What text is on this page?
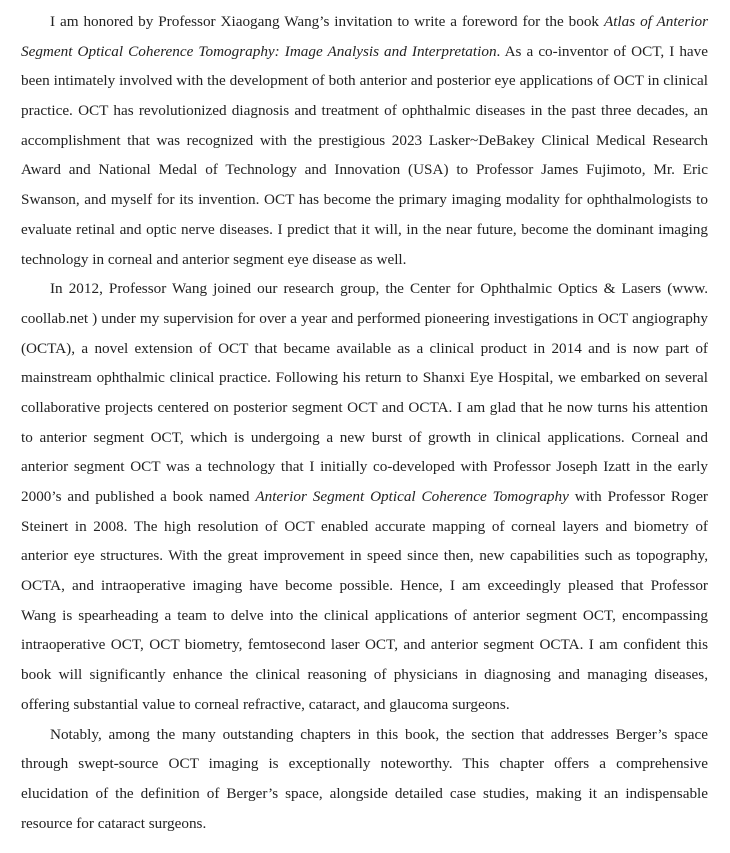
I am honored by Professor Xiaogang Wang’s invitation to write a foreword for the book Atlas of Anterior
Segment Optical Coherence Tomography: Image Analysis and Interpretation. As a co-inventor of OCT, I have
been intimately involved with the development of both anterior and posterior eye applications of OCT in clinical
practice. OCT has revolutionized diagnosis and treatment of ophthalmic diseases in the past three decades, an
accomplishment that was recognized with the prestigious 2023 Lasker~DeBakey Clinical Medical Research
Award and National Medal of Technology and Innovation (USA) to Professor James Fujimoto, Mr. Eric
Swanson, and myself for its invention. OCT has become the primary imaging modality for ophthalmologists to
evaluate retinal and optic nerve diseases. I predict that it will, in the near future, become the dominant imaging
technology in corneal and anterior segment eye disease as well.
In 2012, Professor Wang joined our research group, the Center for Ophthalmic Optics & Lasers (www.
coollab.net ) under my supervision for over a year and performed pioneering investigations in OCT angiography
(OCTA), a novel extension of OCT that became available as a clinical product in 2014 and is now part of
mainstream ophthalmic clinical practice. Following his return to Shanxi Eye Hospital, we embarked on several
collaborative projects centered on posterior segment OCT and OCTA. I am glad that he now turns his attention
to anterior segment OCT, which is undergoing a new burst of growth in clinical applications. Corneal and
anterior segment OCT was a technology that I initially co-developed with Professor Joseph Izatt in the early
2000’s and published a book named Anterior Segment Optical Coherence Tomography with Professor Roger
Steinert in 2008. The high resolution of OCT enabled accurate mapping of corneal layers and biometry of
anterior eye structures. With the great improvement in speed since then, new capabilities such as topography,
OCTA, and intraoperative imaging have become possible. Hence, I am exceedingly pleased that Professor
Wang is spearheading a team to delve into the clinical applications of anterior segment OCT, encompassing
intraoperative OCT, OCT biometry, femtosecond laser OCT, and anterior segment OCTA. I am confident this
book will significantly enhance the clinical reasoning of physicians in diagnosing and managing diseases,
offering substantial value to corneal refractive, cataract, and glaucoma surgeons.
Notably, among the many outstanding chapters in this book, the section that addresses Berger’s space
through swept-source OCT imaging is exceptionally noteworthy. This chapter offers a comprehensive
elucidation of the definition of Berger’s space, alongside detailed case studies, making it an indispensable
resource for cataract surgeons.
